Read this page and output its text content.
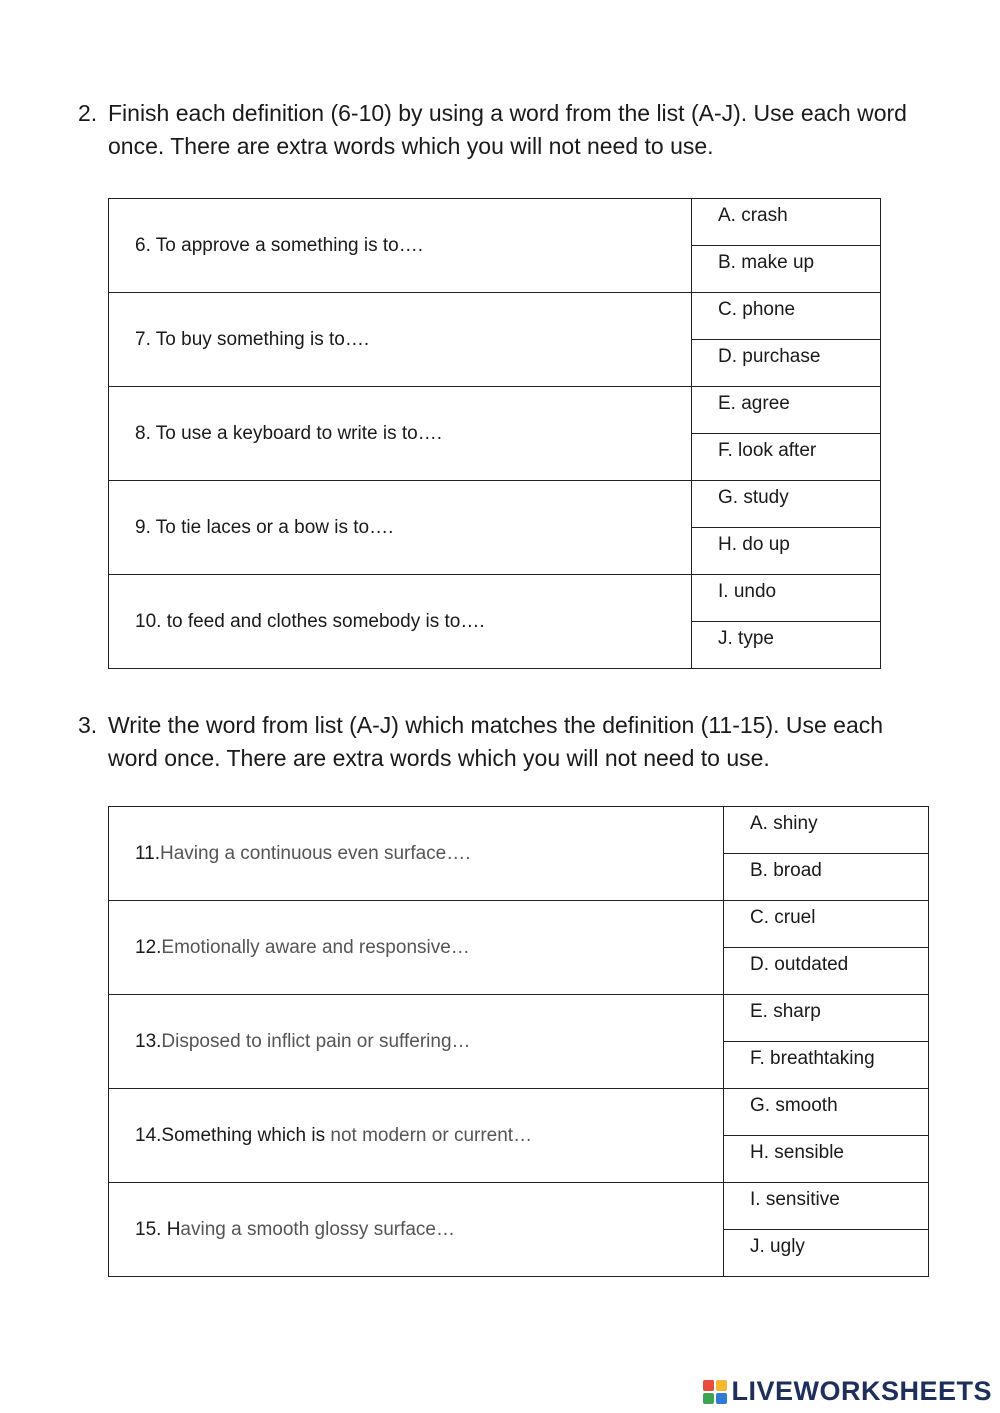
2. Finish each definition (6-10) by using a word from the list (A-J). Use each word once. There are extra words which you will not need to use.
6. To approve a something is to….	A. crash
	B. make up
7. To buy something is to….	C. phone
	D. purchase
8. To use a keyboard to write is to….	E. agree
	F. look after
9. To tie laces or a bow is to….	G. study
	H. do up
10. to feed and clothes somebody is to….	I. undo
	J. type
3. Write the word from list (A-J) which matches the definition (11-15). Use each word once. There are extra words which you will not need to use.
11.Having a continuous even surface….	A. shiny
	B. broad
12.Emotionally aware and responsive…	C. cruel
	D. outdated
13.Disposed to inflict pain or suffering…	E. sharp
	F. breathtaking
14.Something which is not modern or current…	G. smooth
	H. sensible
15. Having a smooth glossy surface…	I. sensitive
	J. ugly
LIVEWORKSHEETS
